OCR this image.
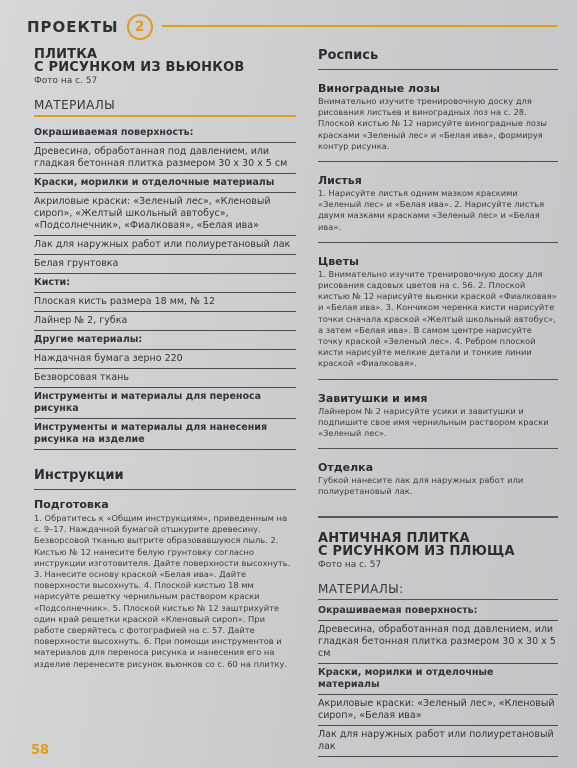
ПРОЕКТЫ	2
ПЛИТКА
С РИСУНКОМ ИЗ ВЬЮНКОВ
Фото на с. 57
МАТЕРИАЛЫ
Окрашиваемая поверхность:
Древесина, обработанная под давлением, или гладкая бетонная плитка размером 30 х 30 х 5 см
Краски, морилки и отделочные материалы
Акриловые краски: «Зеленый лес», «Кленовый сироп», «Желтый школьный автобус», «Подсолнечник», «Фиалковая», «Белая ива»
Лак для наружных работ или полиуретановый лак
Белая грунтовка
Кисти:
Плоская кисть размера 18 мм, № 12
Лайнер № 2, губка
Другие материалы:
Наждачная бумага зерно 220
Безворсовая ткань
Инструменты и материалы для переноса рисунка
Инструменты и материалы для нанесения рисунка на изделие
Инструкции
Подготовка
1. Обратитесь к «Общим инструкциям», приведенным на с. 9–17. Наждачной бумагой отшкурите древесину. Безворсовой тканью вытрите образовавшуюся пыль. 2. Кистью № 12 нанесите белую грунтовку согласно инструкции изготовителя. Дайте поверхности высохнуть. 3. Нанесите основу краской «Белая ива». Дайте поверхности высохнуть. 4. Плоской кистью 18 мм нарисуйте решетку чернильным раствором краски «Подсолнечник». 5. Плоской кистью № 12 заштрихуйте один край решетки краской «Кленовый сироп». При работе сверяйтесь с фотографией на с. 57. Дайте поверхности высохнуть. 6. При помощи инструментов и материалов для переноса рисунка и нанесения его на изделие перенесите рисунок вьюнков со с. 60 на плитку.
Роспись
Виноградные лозы
Внимательно изучите тренировочную доску для рисования листьев и виноградных лоз на с. 28. Плоской кистью № 12 нарисуйте виноградные лозы красками «Зеленый лес» и «Белая ива», формируя контур рисунка.
Листья
1. Нарисуйте листья одним мазком краскими «Зеленый лес» и «Белая ива». 2. Нарисуйте листья двумя мазками красками «Зеленый лес» и «Белая ива».
Цветы
1. Внимательно изучите тренировочную доску для рисования садовых цветов на с. 56. 2. Плоской кистью № 12 нарисуйте вьюнки краской «Фиалковая» и «Белая ива». 3. Кончиком черенка кисти нарисуйте точки сначала краской «Желтый школьный автобус», а затем «Белая ива». В самом центре нарисуйте точку краской «Зеленый лес». 4. Ребром плоской кисти нарисуйте мелкие детали и тонкие линии краской «Фиалковая».
Завитушки и имя
Лайнером № 2 нарисуйте усики и завитушки и подпишите свое имя чернильным раствором краски «Зеленый лес».
Отделка
Губкой нанесите лак для наружных работ или полиуретановый лак.
АНТИЧНАЯ ПЛИТКА
С РИСУНКОМ ИЗ ПЛЮЩА
Фото на с. 57
МАТЕРИАЛЫ:
Окрашиваемая поверхность:
Древесина, обработанная под давлением, или гладкая бетонная плитка размером 30 х 30 х 5 см
Краски, морилки и отделочные материалы
Акриловые краски: «Зеленый лес», «Кленовый сироп», «Белая ива»
Лак для наружных работ или полиуретановый лак
58
